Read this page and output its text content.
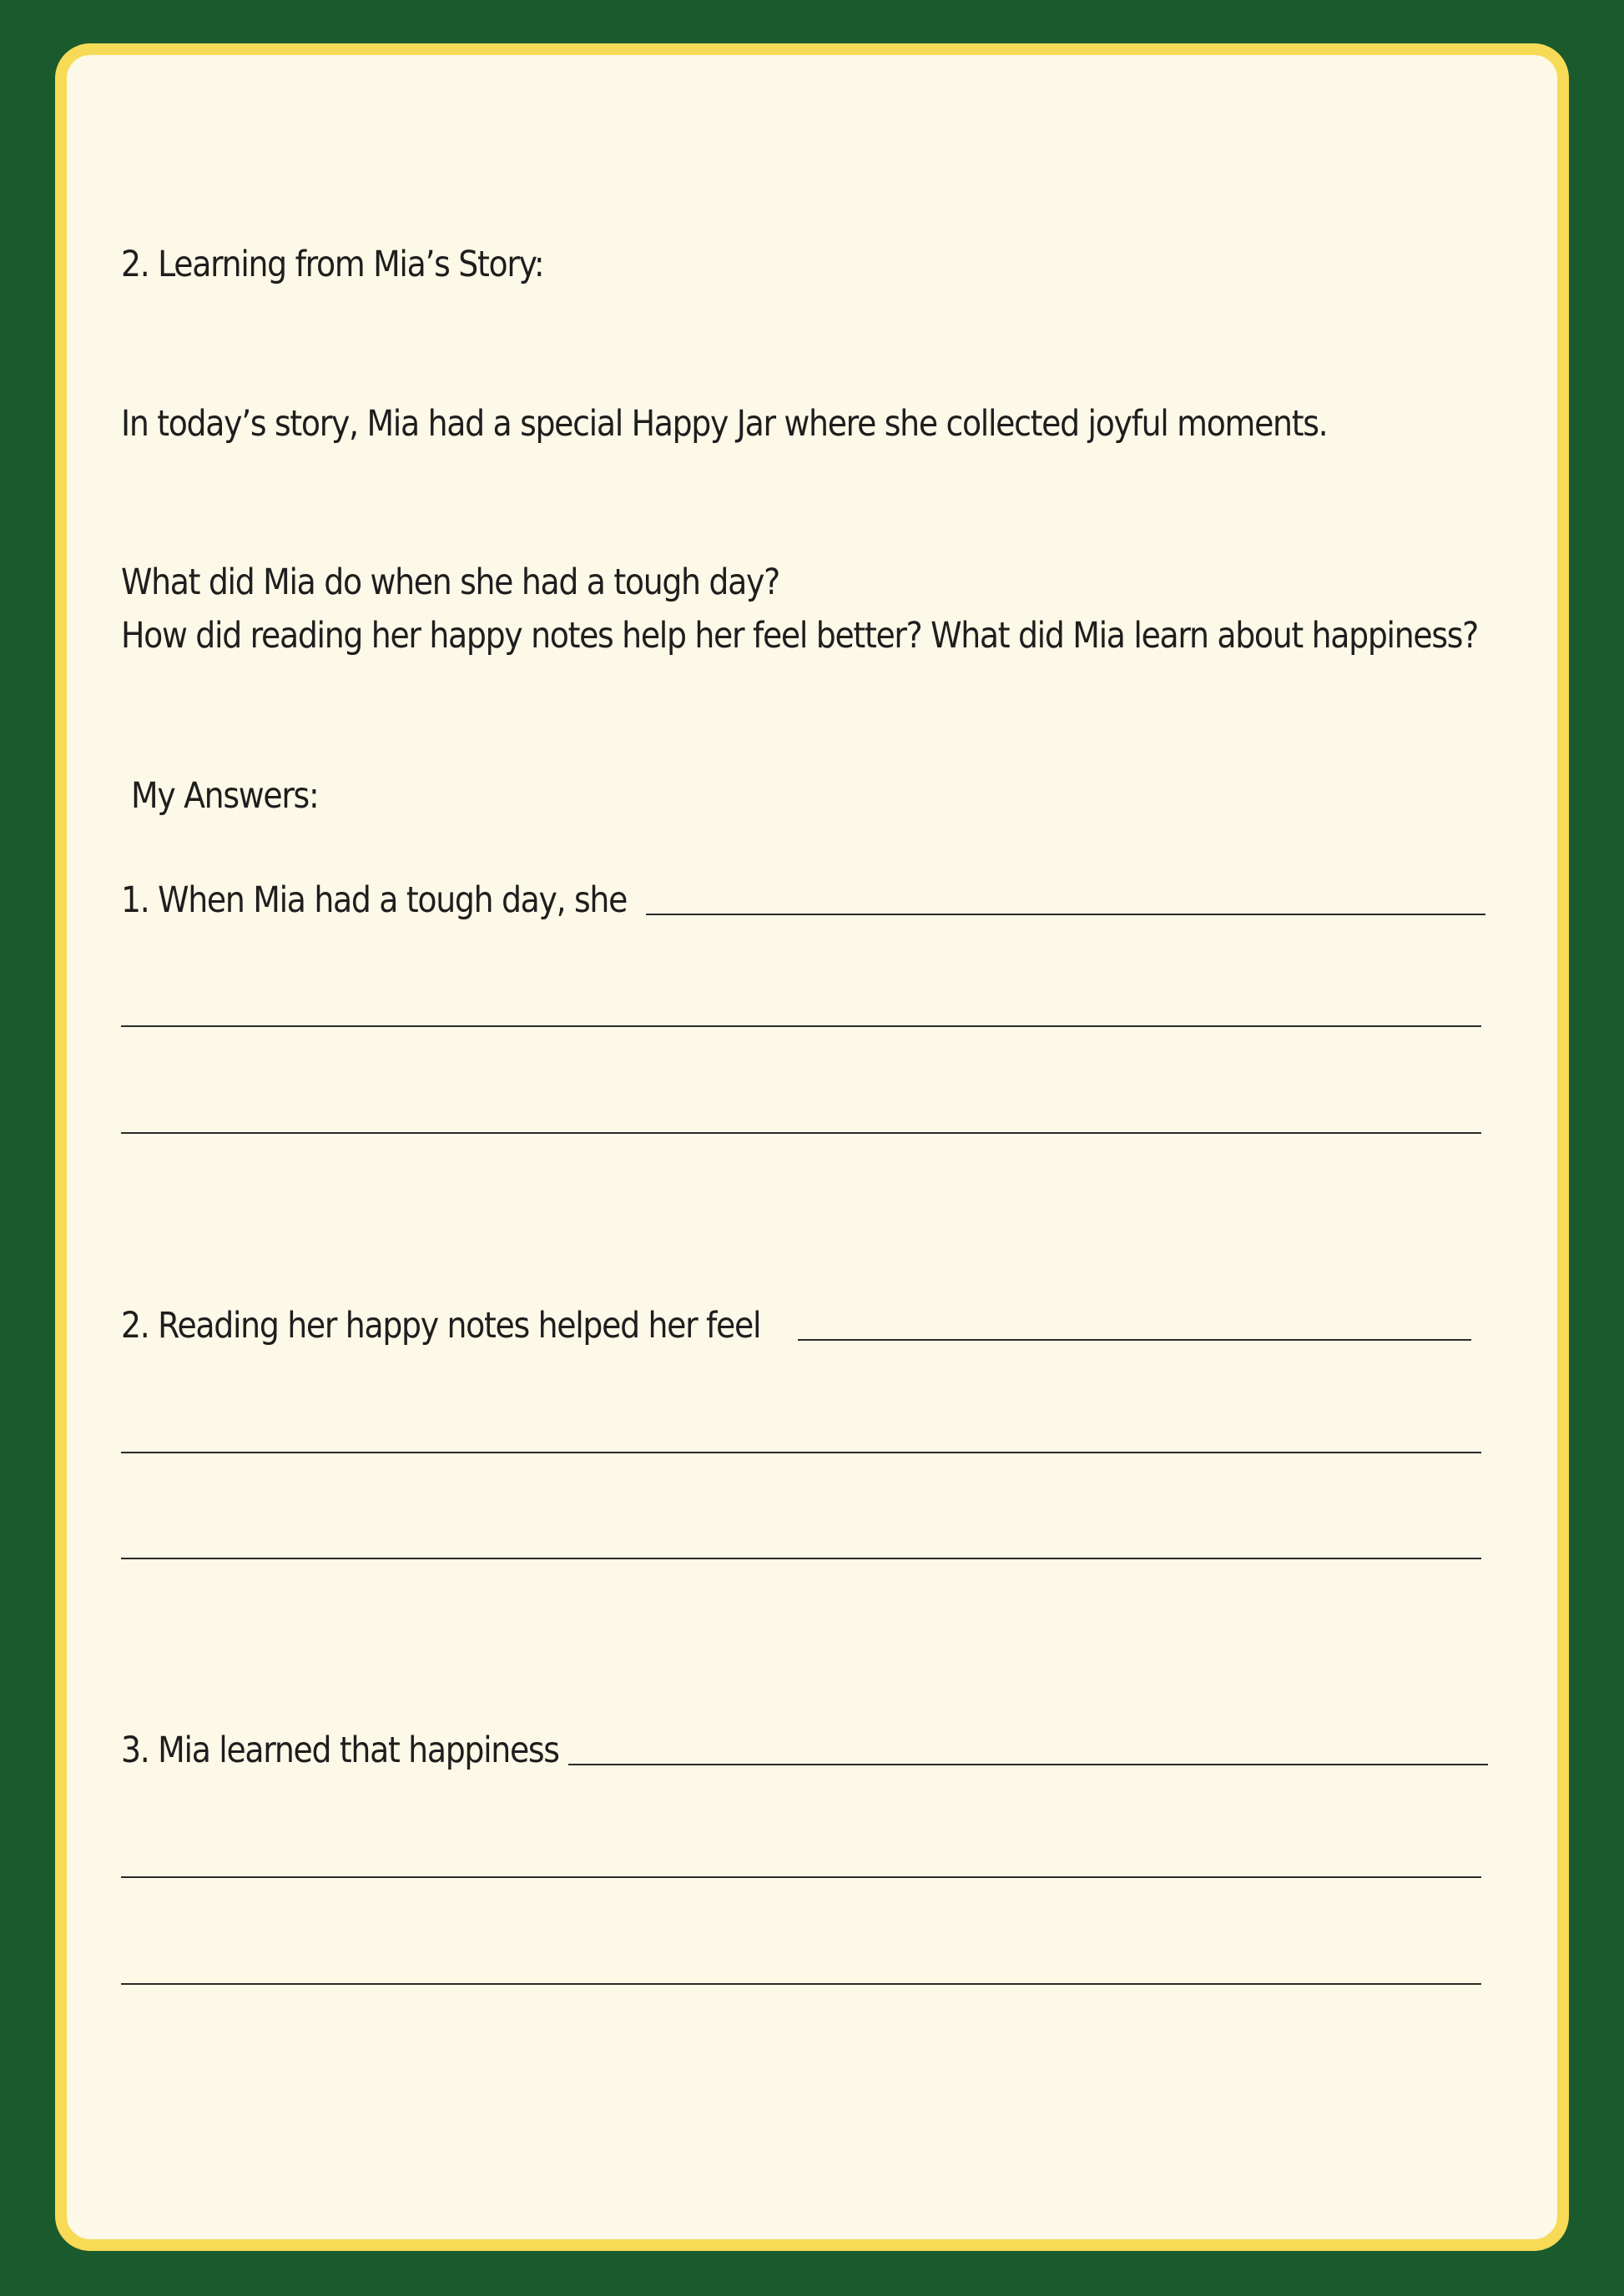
2. Learning from Mia’s Story:
In today’s story, Mia had a special Happy Jar where she collected joyful moments.
What did Mia do when she had a tough day?
How did reading her happy notes help her feel better? What did Mia learn about happiness?
My Answers:
1. When Mia had a tough day, she
2. Reading her happy notes helped her feel
3. Mia learned that happiness
